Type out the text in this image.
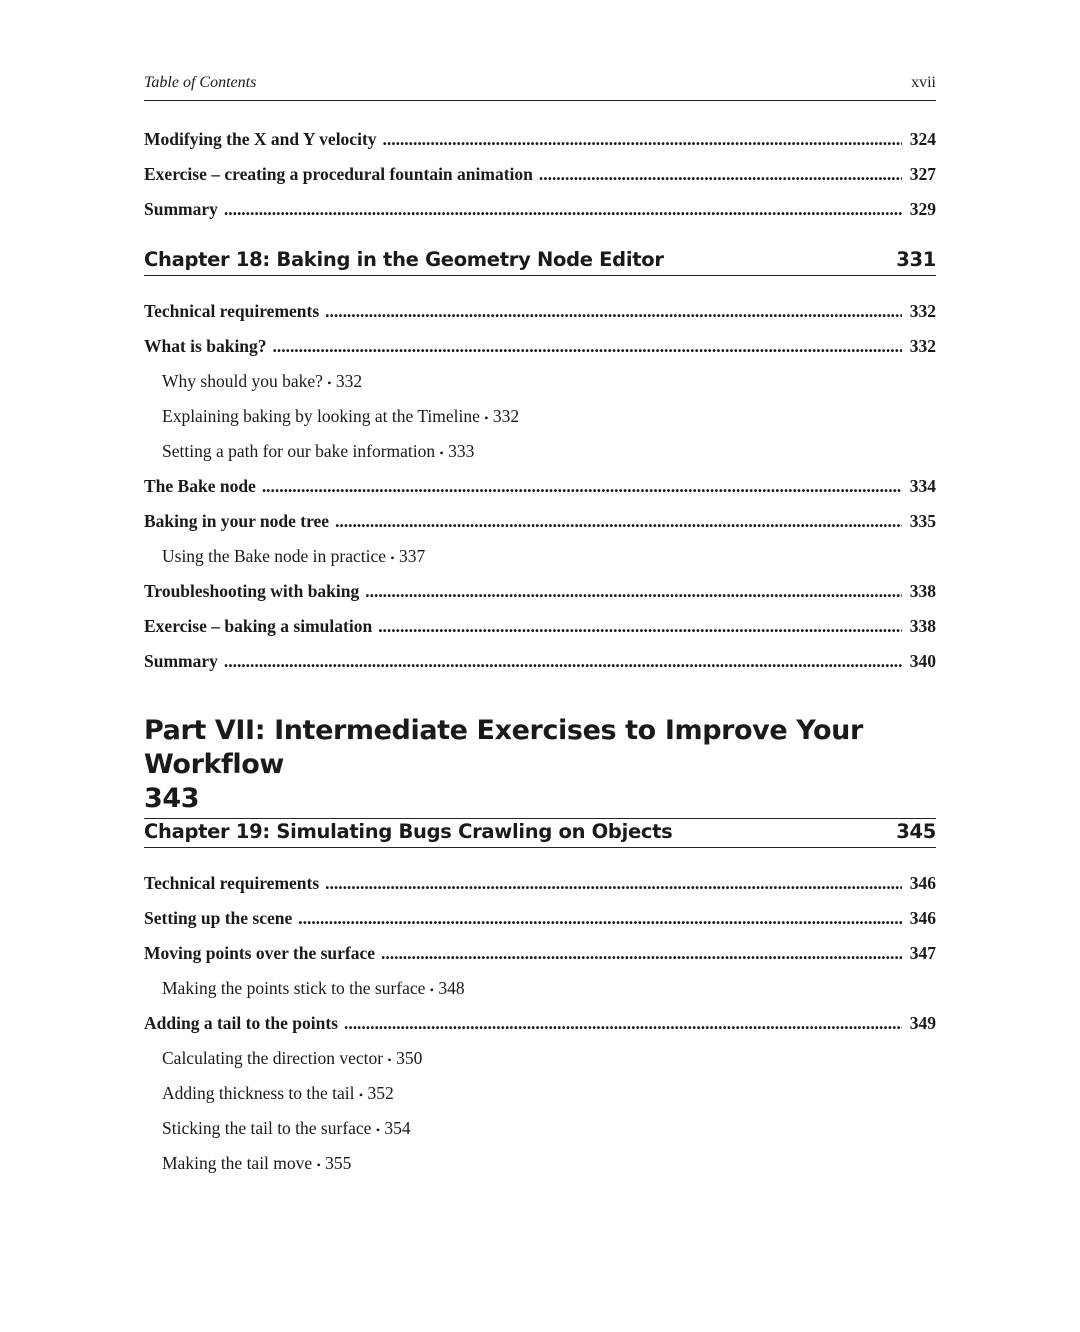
Table of Contents	xvii
Modifying the X and Y velocity . . .	324
Exercise – creating a procedural fountain animation . . .	327
Summary . . .	329
Chapter 18: Baking in the Geometry Node Editor	331
Technical requirements . . .	332
What is baking? . . .	332
Why should you bake? • 332
Explaining baking by looking at the Timeline • 332
Setting a path for our bake information • 333
The Bake node . . .	334
Baking in your node tree . . .	335
Using the Bake node in practice • 337
Troubleshooting with baking . . .	338
Exercise – baking a simulation . . .	338
Summary . . .	340
Part VII: Intermediate Exercises to Improve Your Workflow
343
Chapter 19: Simulating Bugs Crawling on Objects	345
Technical requirements . . .	346
Setting up the scene . . .	346
Moving points over the surface . . .	347
Making the points stick to the surface • 348
Adding a tail to the points . . .	349
Calculating the direction vector • 350
Adding thickness to the tail • 352
Sticking the tail to the surface • 354
Making the tail move • 355
